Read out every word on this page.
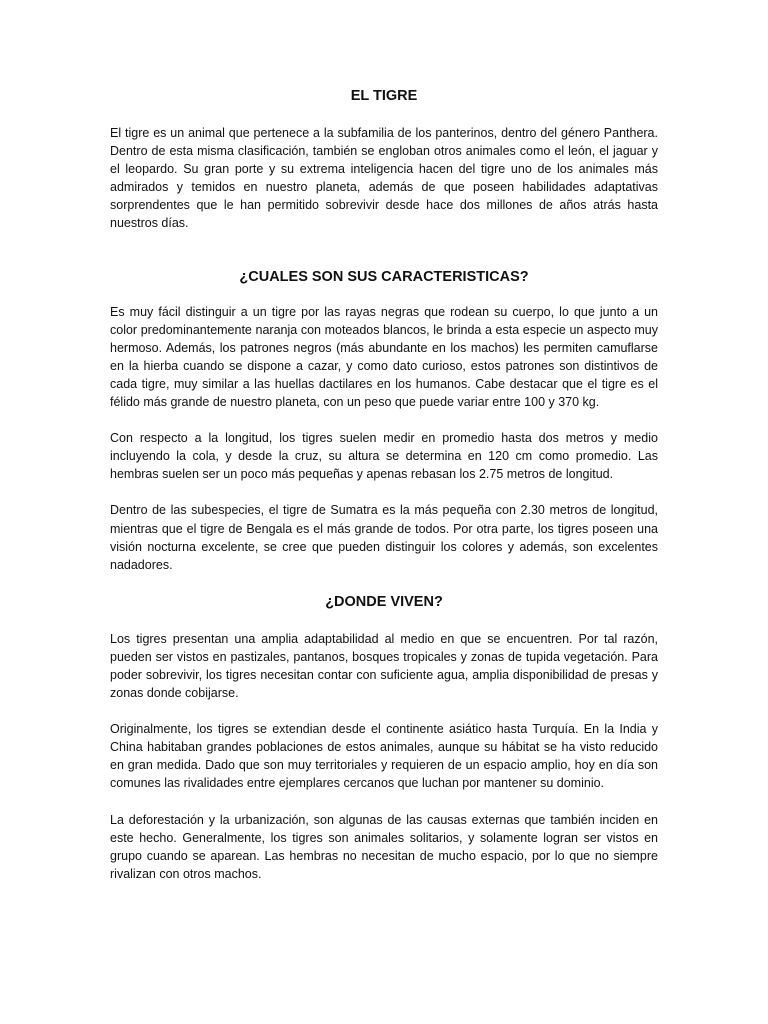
EL TIGRE

El tigre es un animal que pertenece a la subfamilia de los panterinos, dentro del género Panthera. Dentro de esta misma clasificación, también se engloban otros animales como el león, el jaguar y el leopardo. Su gran porte y su extrema inteligencia hacen del tigre uno de los animales más admirados y temidos en nuestro planeta, además de que poseen habilidades adaptativas sorprendentes que le han permitido sobrevivir desde hace dos millones de años atrás hasta nuestros días.

¿CUALES SON SUS CARACTERISTICAS?

Es muy fácil distinguir a un tigre por las rayas negras que rodean su cuerpo, lo que junto a un color predominantemente naranja con moteados blancos, le brinda a esta especie un aspecto muy hermoso. Además, los patrones negros (más abundante en los machos) les permiten camuflarse en la hierba cuando se dispone a cazar, y como dato curioso, estos patrones son distintivos de cada tigre, muy similar a las huellas dactilares en los humanos. Cabe destacar que el tigre es el félido más grande de nuestro planeta, con un peso que puede variar entre 100 y 370 kg.

Con respecto a la longitud, los tigres suelen medir en promedio hasta dos metros y medio incluyendo la cola, y desde la cruz, su altura se determina en 120 cm como promedio. Las hembras suelen ser un poco más pequeñas y apenas rebasan los 2.75 metros de longitud.

Dentro de las subespecies, el tigre de Sumatra es la más pequeña con 2.30 metros de longitud, mientras que el tigre de Bengala es el más grande de todos. Por otra parte, los tigres poseen una visión nocturna excelente, se cree que pueden distinguir los colores y además, son excelentes nadadores.

¿DONDE VIVEN?

Los tigres presentan una amplia adaptabilidad al medio en que se encuentren. Por tal razón, pueden ser vistos en pastizales, pantanos, bosques tropicales y zonas de tupida vegetación. Para poder sobrevivir, los tigres necesitan contar con suficiente agua, amplia disponibilidad de presas y zonas donde cobijarse.

Originalmente, los tigres se extendian desde el continente asiático hasta Turquía. En la India y China habitaban grandes poblaciones de estos animales, aunque su hábitat se ha visto reducido en gran medida. Dado que son muy territoriales y requieren de un espacio amplio, hoy en día son comunes las rivalidades entre ejemplares cercanos que luchan por mantener su dominio.

La deforestación y la urbanización, son algunas de las causas externas que también inciden en este hecho. Generalmente, los tigres son animales solitarios, y solamente logran ser vistos en grupo cuando se aparean. Las hembras no necesitan de mucho espacio, por lo que no siempre rivalizan con otros machos.
